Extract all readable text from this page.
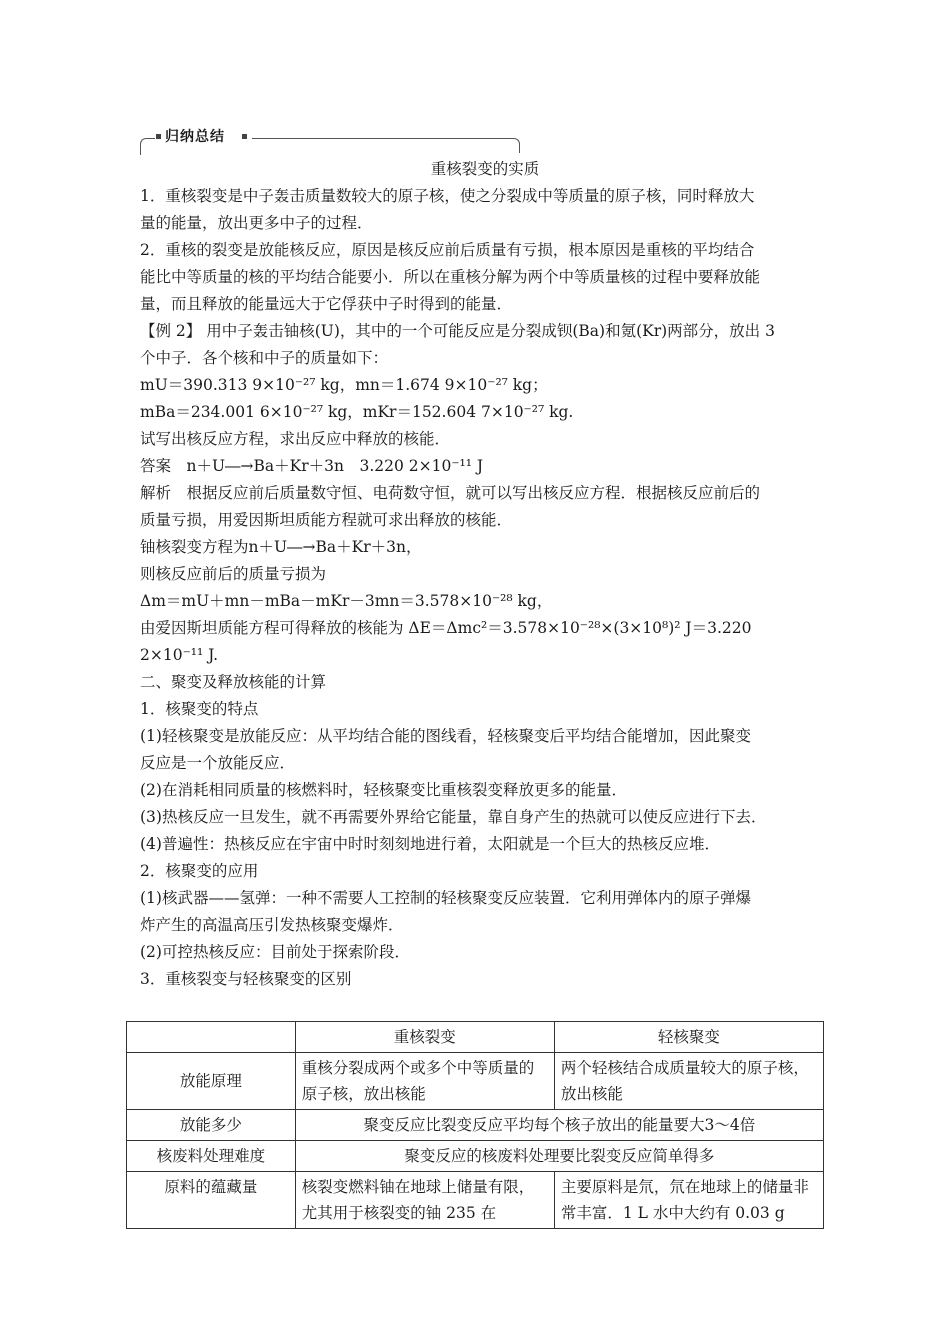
归纳总结
重核裂变的实质
1．重核裂变是中子轰击质量数较大的原子核，使之分裂成中等质量的原子核，同时释放大
量的能量，放出更多中子的过程．
2．重核的裂变是放能核反应，原因是核反应前后质量有亏损，根本原因是重核的平均结合
能比中等质量的核的平均结合能要小．所以在重核分解为两个中等质量核的过程中要释放能
量，而且释放的能量远大于它俘获中子时得到的能量．
【例 2】 用中子轰击铀核(U)，其中的一个可能反应是分裂成钡(Ba)和氪(Kr)两部分，放出 3
个中子．各个核和中子的质量如下：
mU＝390.313 9×10⁻²⁷ kg，mn＝1.674 9×10⁻²⁷ kg；
mBa＝234.001 6×10⁻²⁷ kg，mKr＝152.604 7×10⁻²⁷ kg.
试写出核反应方程，求出反应中释放的核能．
答案　n＋U―→Ba＋Kr＋3n　3.220 2×10⁻¹¹ J
解析　根据反应前后质量数守恒、电荷数守恒，就可以写出核反应方程．根据核反应前后的
质量亏损，用爱因斯坦质能方程就可求出释放的核能．
铀核裂变方程为n＋U―→Ba＋Kr＋3n，
则核反应前后的质量亏损为
Δm＝mU＋mn－mBa－mKr－3mn＝3.578×10⁻²⁸ kg，
由爱因斯坦质能方程可得释放的核能为 ΔE＝Δmc²＝3.578×10⁻²⁸×(3×10⁸)² J＝3.220
2×10⁻¹¹ J.
二、聚变及释放核能的计算
1．核聚变的特点
(1)轻核聚变是放能反应：从平均结合能的图线看，轻核聚变后平均结合能增加，因此聚变
反应是一个放能反应．
(2)在消耗相同质量的核燃料时，轻核聚变比重核裂变释放更多的能量．
(3)热核反应一旦发生，就不再需要外界给它能量，靠自身产生的热就可以使反应进行下去．
(4)普遍性：热核反应在宇宙中时时刻刻地进行着，太阳就是一个巨大的热核反应堆．
2．核聚变的应用
(1)核武器——氢弹：一种不需要人工控制的轻核聚变反应装置．它利用弹体内的原子弹爆
炸产生的高温高压引发热核聚变爆炸．
(2)可控热核反应：目前处于探索阶段．
3．重核裂变与轻核聚变的区别
	重核裂变	轻核聚变
放能原理	重核分裂成两个或多个中等质量的原子核，放出核能	两个轻核结合成质量较大的原子核，放出核能
放能多少	聚变反应比裂变反应平均每个核子放出的能量要大3～4倍	
核废料处理难度	聚变反应的核废料处理要比裂变反应简单得多	
原料的蕴藏量	核裂变燃料铀在地球上储量有限，尤其用于核裂变的铀 235 在	主要原料是氘，氘在地球上的储量非常丰富．1 L 水中大约有 0.03 g
